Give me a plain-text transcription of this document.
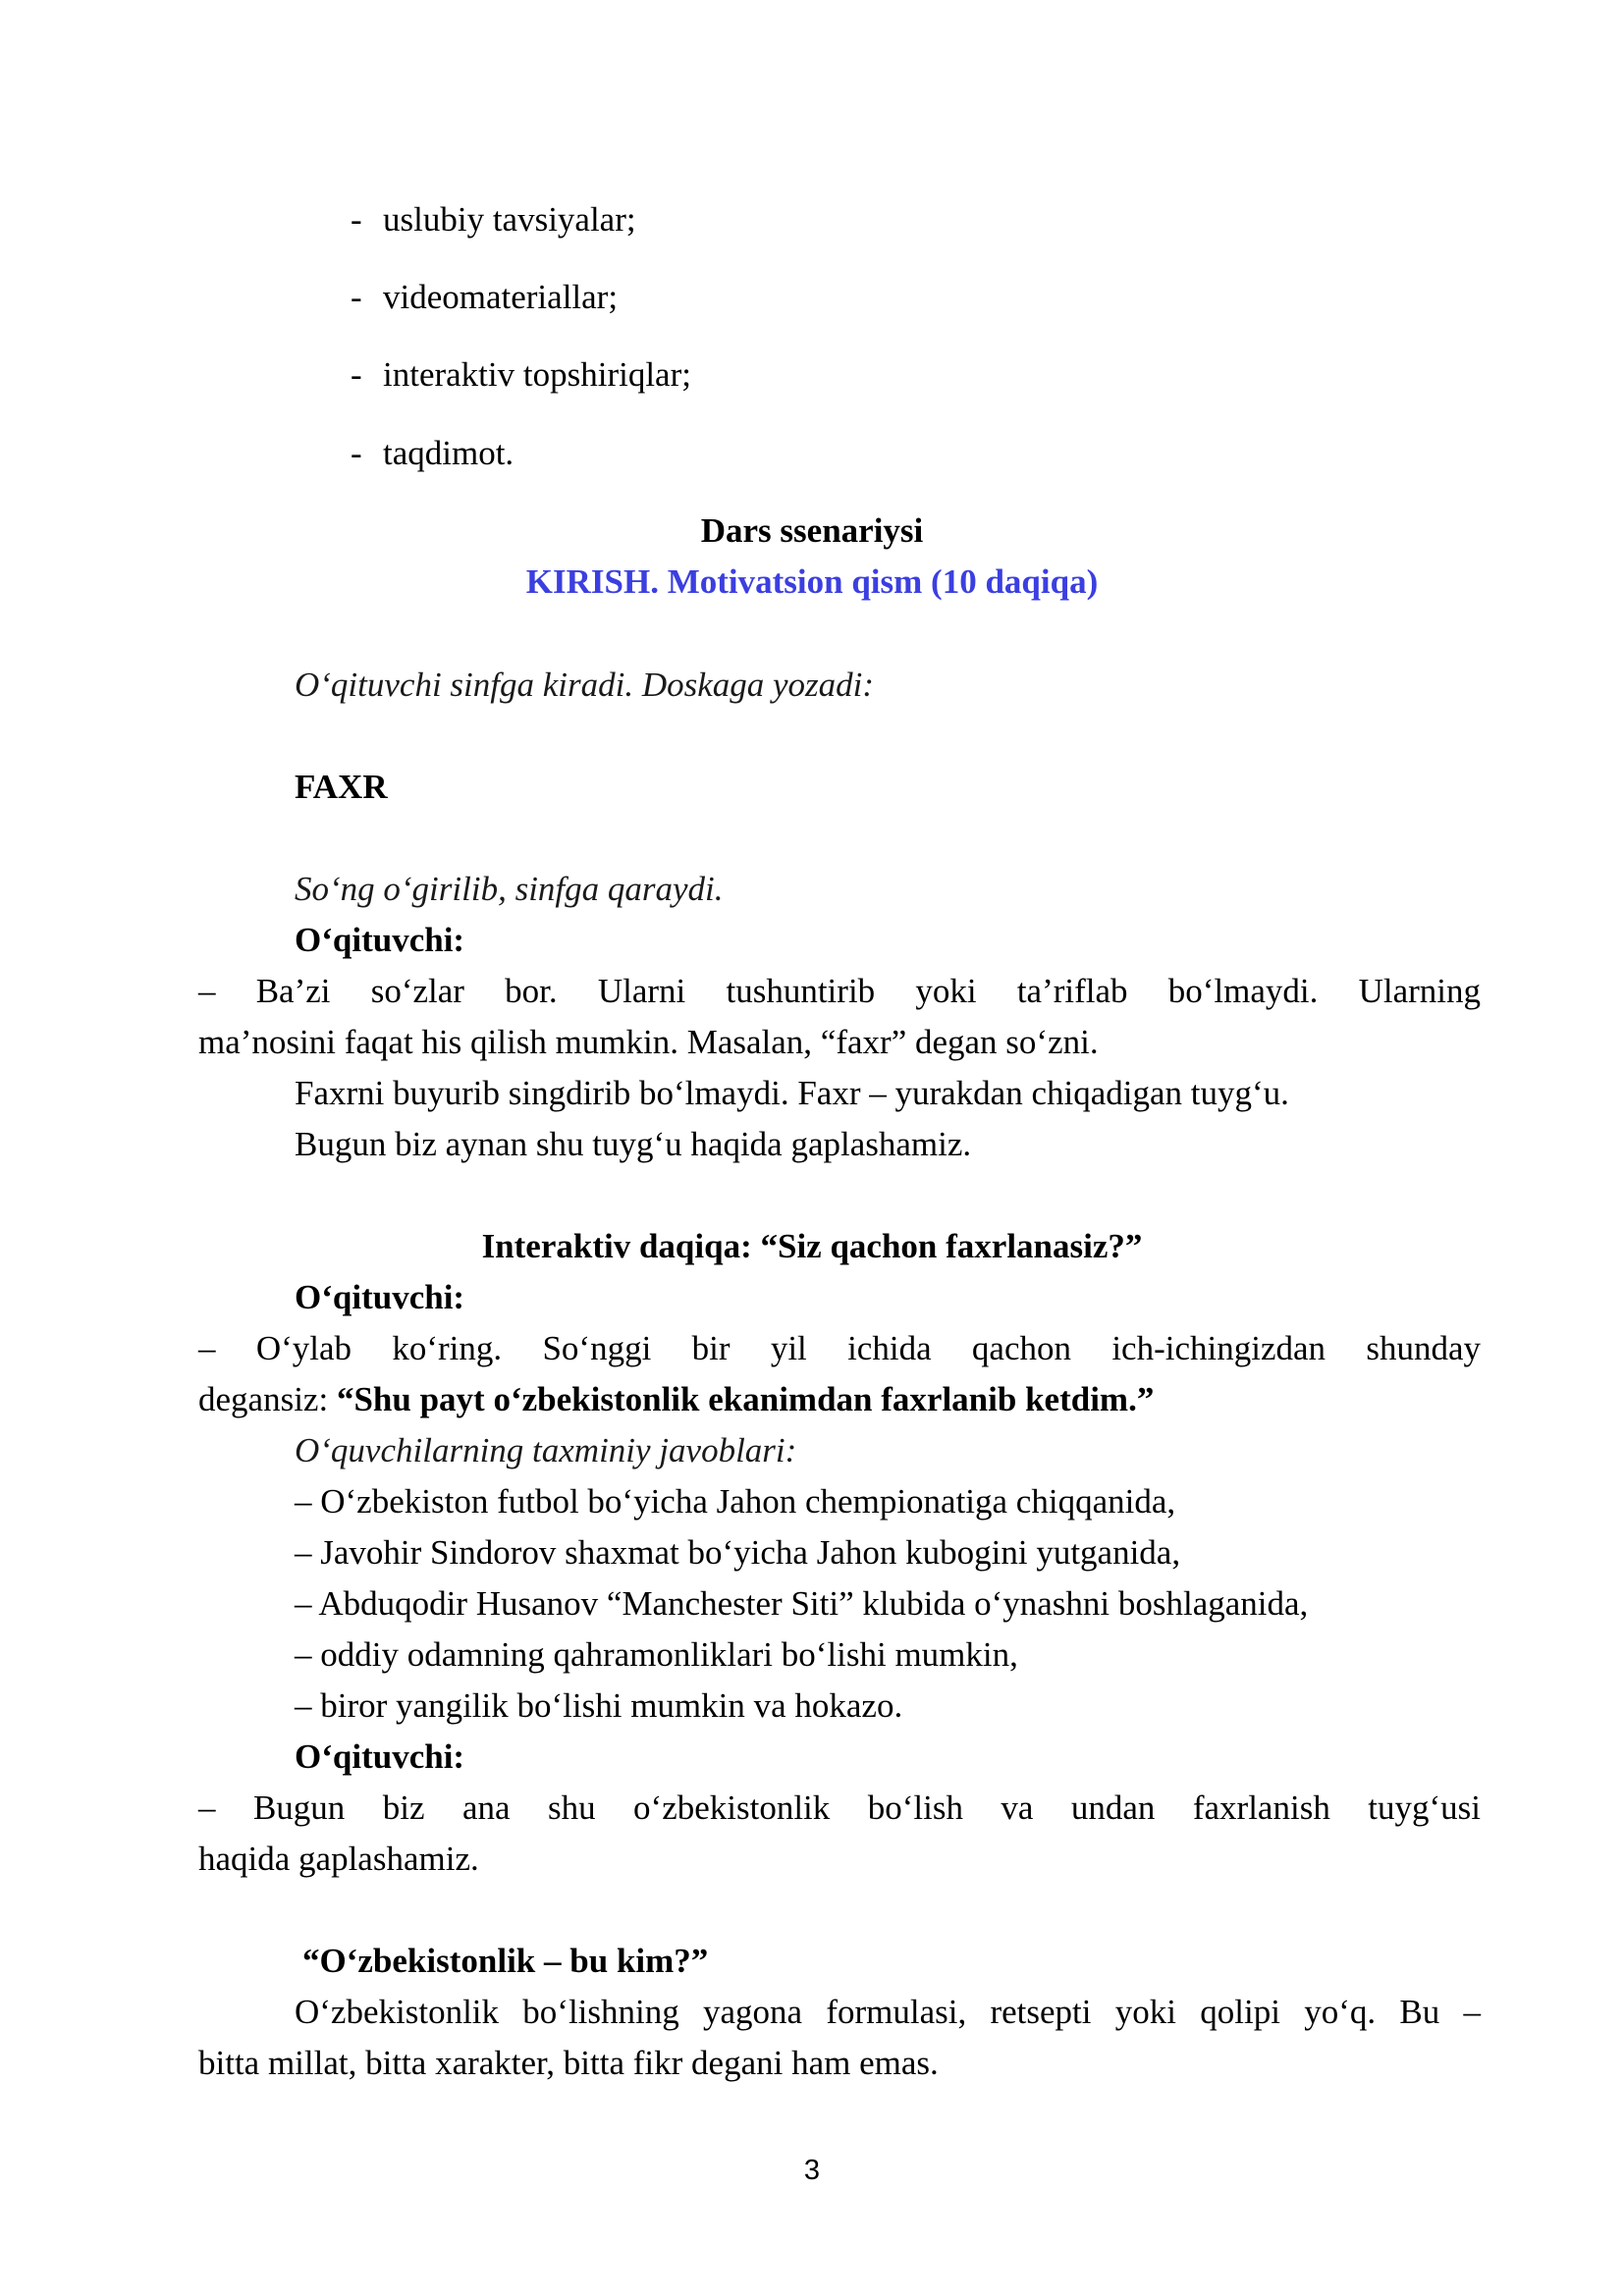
- uslubiy tavsiyalar;
- videomateriallar;
- interaktiv topshiriqlar;
- taqdimot.
Dars ssenariysi
KIRISH. Motivatsion qism (10 daqiqa)
O‘qituvchi sinfga kiradi. Doskaga yozadi:
FAXR
So‘ng o‘girilib, sinfga qaraydi.
O‘qituvchi:
– Ba’zi so‘zlar bor. Ularni tushuntirib yoki ta’riflab bo‘lmaydi. Ularning
ma’nosini faqat his qilish mumkin. Masalan, “faxr” degan so‘zni.
Faxrni buyurib singdirib bo‘lmaydi. Faxr – yurakdan chiqadigan tuyg‘u.
Bugun biz aynan shu tuyg‘u haqida gaplashamiz.
Interaktiv daqiqa: “Siz qachon faxrlanasiz?”
O‘qituvchi:
– O‘ylab ko‘ring. So‘nggi bir yil ichida qachon ich-ichingizdan shunday
degansiz: “Shu payt o‘zbekistonlik ekanimdan faxrlanib ketdim.”
O‘quvchilarning taxminiy javoblari:
– O‘zbekiston futbol bo‘yicha Jahon chempionatiga chiqqanida,
– Javohir Sindorov shaxmat bo‘yicha Jahon kubogini yutganida,
– Abduqodir Husanov “Manchester Siti” klubida o‘ynashni boshlaganida,
– oddiy odamning qahramonliklari bo‘lishi mumkin,
– biror yangilik bo‘lishi mumkin va hokazo.
O‘qituvchi:
– Bugun biz ana shu o‘zbekistonlik bo‘lish va undan faxrlanish tuyg‘usi
haqida gaplashamiz.
“O‘zbekistonlik – bu kim?”
O‘zbekistonlik bo‘lishning yagona formulasi, retsepti yoki qolipi yo‘q. Bu –
bitta millat, bitta xarakter, bitta fikr degani ham emas.
3
